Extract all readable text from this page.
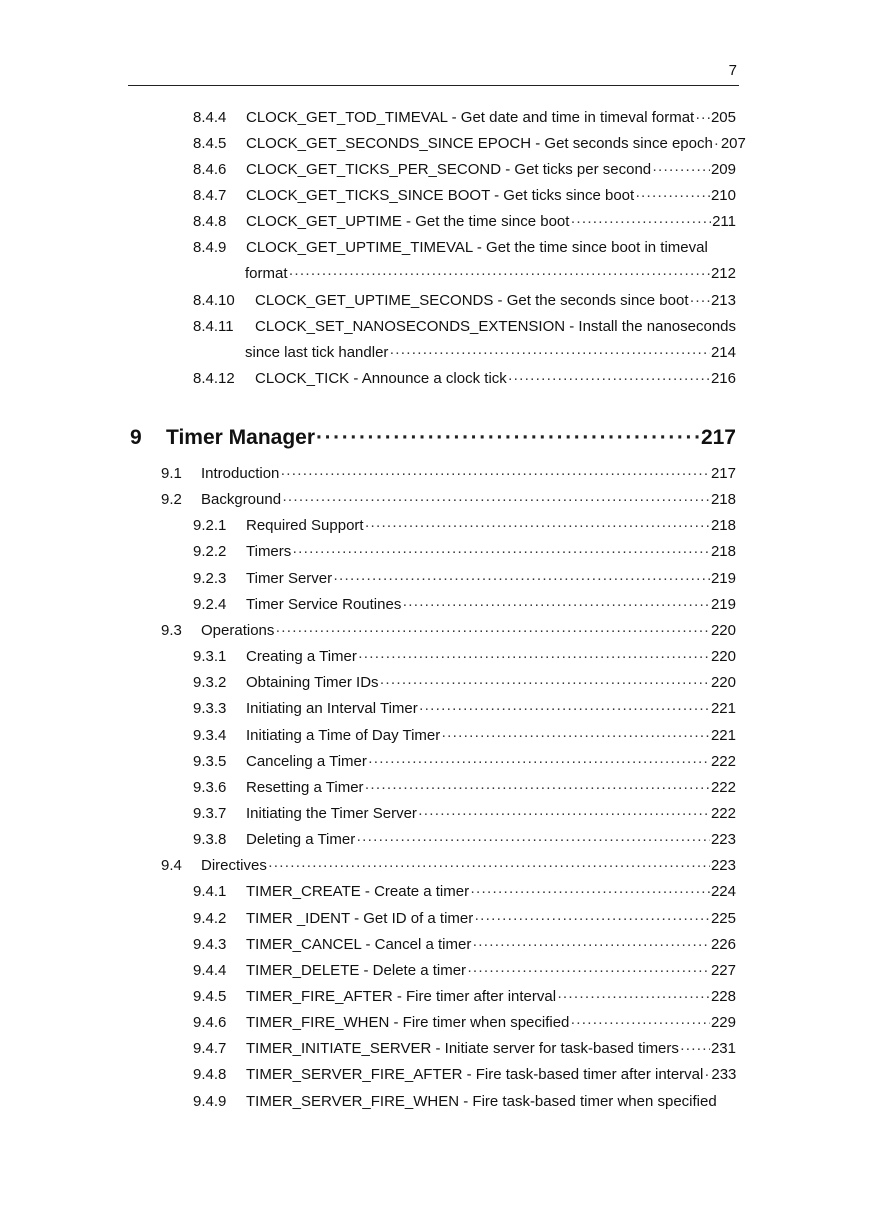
7
8.4.4	CLOCK_GET_TOD_TIMEVAL - Get date and time in timeval format ····· 205
8.4.5	CLOCK_GET_SECONDS_SINCE EPOCH - Get seconds since epoch ····· 207
8.4.6	CLOCK_GET_TICKS_PER_SECOND - Get ticks per second ·····	209
8.4.7	CLOCK_GET_TICKS_SINCE BOOT - Get ticks since boot ·····	210
8.4.8	CLOCK_GET_UPTIME - Get the time since boot ·····	211
8.4.9	CLOCK_GET_UPTIME_TIMEVAL - Get the time since boot in timeval
format ·····	212
8.4.10	CLOCK_GET_UPTIME_SECONDS - Get the seconds since boot ····· 213
8.4.11	CLOCK_SET_NANOSECONDS_EXTENSION - Install the nanoseconds
since last tick handler ·····	214
8.4.12	CLOCK_TICK - Announce a clock tick ·····	216
9	Timer Manager ·····	217
9.1	Introduction ·····	217
9.2	Background ·····	218
9.2.1	Required Support ·····	218
9.2.2	Timers ·····	218
9.2.3	Timer Server ·····	219
9.2.4	Timer Service Routines ·····	219
9.3	Operations ·····	220
9.3.1	Creating a Timer ·····	220
9.3.2	Obtaining Timer IDs ·····	220
9.3.3	Initiating an Interval Timer ·····	221
9.3.4	Initiating a Time of Day Timer ·····	221
9.3.5	Canceling a Timer ·····	222
9.3.6	Resetting a Timer ·····	222
9.3.7	Initiating the Timer Server ·····	222
9.3.8	Deleting a Timer ·····	223
9.4	Directives ·····	223
9.4.1	TIMER_CREATE - Create a timer ·····	224
9.4.2	TIMER _IDENT - Get ID of a timer ·····	225
9.4.3	TIMER_CANCEL - Cancel a timer ·····	226
9.4.4	TIMER_DELETE - Delete a timer ·····	227
9.4.5	TIMER_FIRE_AFTER - Fire timer after interval ·····	228
9.4.6	TIMER_FIRE_WHEN - Fire timer when specified ·····	229
9.4.7	TIMER_INITIATE_SERVER - Initiate server for task-based timers ····· 231
9.4.8	TIMER_SERVER_FIRE_AFTER - Fire task-based timer after interval ····· 233
9.4.9	TIMER_SERVER_FIRE_WHEN - Fire task-based timer when specified
